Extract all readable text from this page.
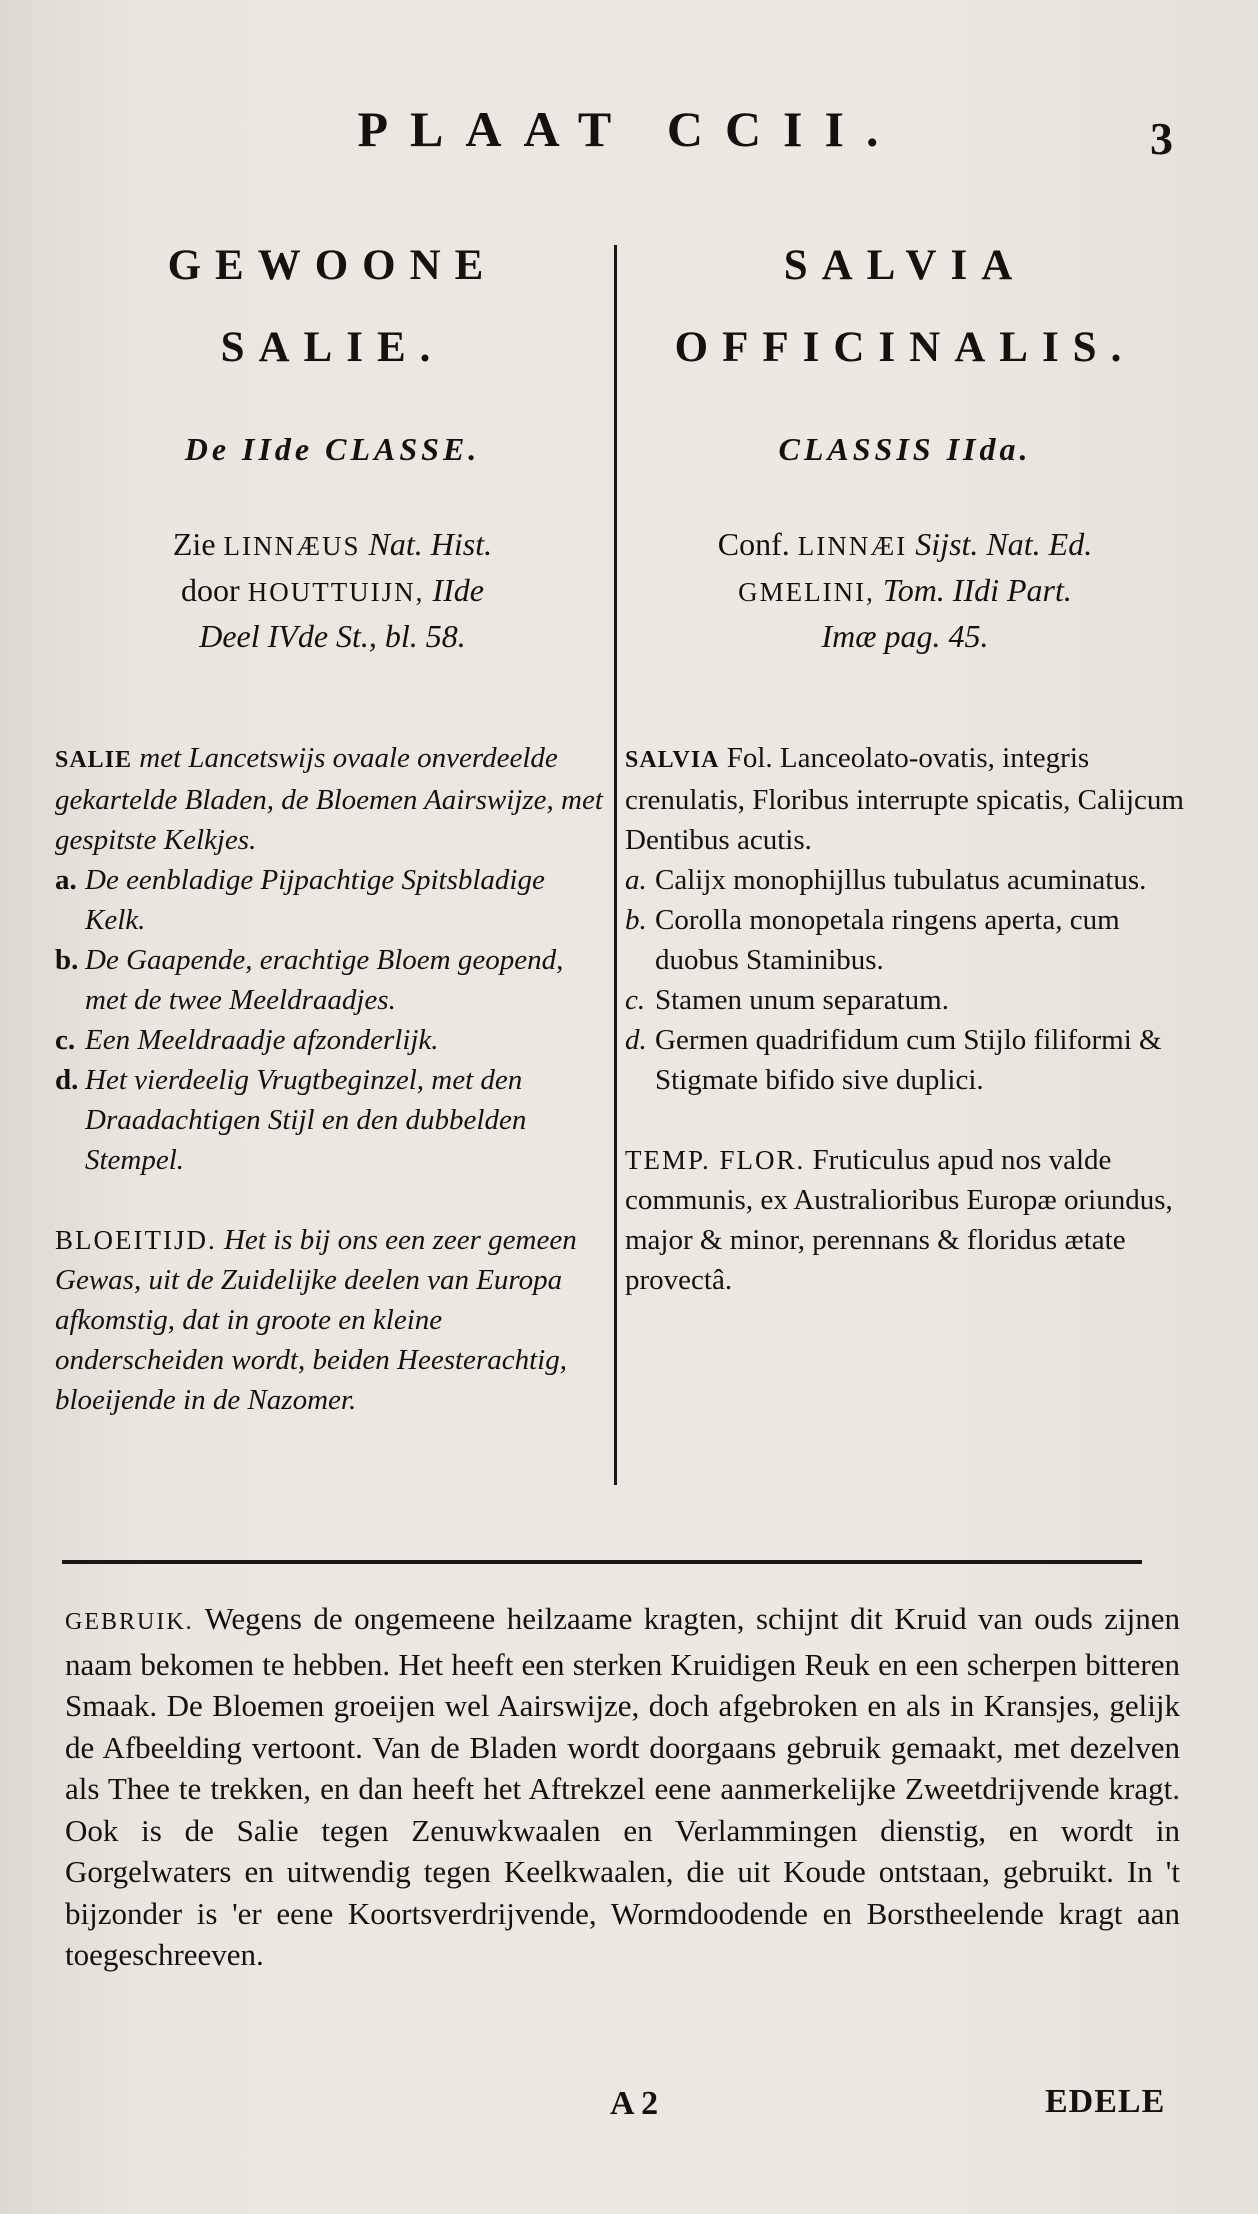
PLAAT CCII.	3
GEWOONE
SALIE.
De IIde CLASSE.
Zie LINNÆUS Nat. Hist.
door HOUTTUIJN, IIde
Deel IVde St., bl. 58.
SALIE met Lancetswijs ovaale onverdeelde gekartelde Bladen, de Bloemen Aairswijze, met gespitste Kelkjes.
a. De eenbladige Pijpachtige Spitsbladige Kelk.
b. De Gaapende, erachtige Bloem geopend, met de twee Meeldraadjes.
c. Een Meeldraadje afzonderlijk.
d. Het vierdeelig Vrugtbeginzel, met den Draadachtigen Stijl en den dubbelden Stempel.
BLOEITIJD. Het is bij ons een zeer gemeen Gewas, uit de Zuidelijke deelen van Europa afkomstig, dat in groote en kleine onderscheiden wordt, beiden Heesterachtig, bloeijende in de Nazomer.
SALVIA
OFFICINALIS.
CLASSIS IIda.
Conf. LINNÆI Sijst. Nat. Ed.
GMELINI, Tom. IIdi Part.
Imæ pag. 45.
SALVIA Fol. Lanceolato-ovatis, integris crenulatis, Floribus interrupte spicatis, Calijcum Dentibus acutis.
a. Calijx monophijllus tubulatus acuminatus.
b. Corolla monopetala ringens aperta, cum duobus Staminibus.
c. Stamen unum separatum.
d. Germen quadrifidum cum Stijlo filiformi & Stigmate bifido sive duplici.
TEMP. FLOR. Fruticulus apud nos valde communis, ex Australioribus Europæ oriundus, major & minor, perennans & floridus ætate provectâ.
GEBRUIK. Wegens de ongemeene heilzaame kragten, schijnt dit Kruid van ouds zijnen naam bekomen te hebben. Het heeft een sterken Kruidigen Reuk en een scherpen bitteren Smaak. De Bloemen groeijen wel Aairswijze, doch afgebroken en als in Kransjes, gelijk de Afbeelding vertoont. Van de Bladen wordt doorgaans gebruik gemaakt, met dezelven als Thee te trekken, en dan heeft het Aftrekzel eene aanmerkelijke Zweetdrijvende kragt. Ook is de Salie tegen Zenuwkwaalen en Verlammingen dienstig, en wordt in Gorgelwaters en uitwendig tegen Keelkwaalen, die uit Koude ontstaan, gebruikt. In 't bijzonder is 'er eene Koortsverdrijvende, Wormdoodende en Borstheelende kragt aan toegeschreeven.
A 2	EDELE
